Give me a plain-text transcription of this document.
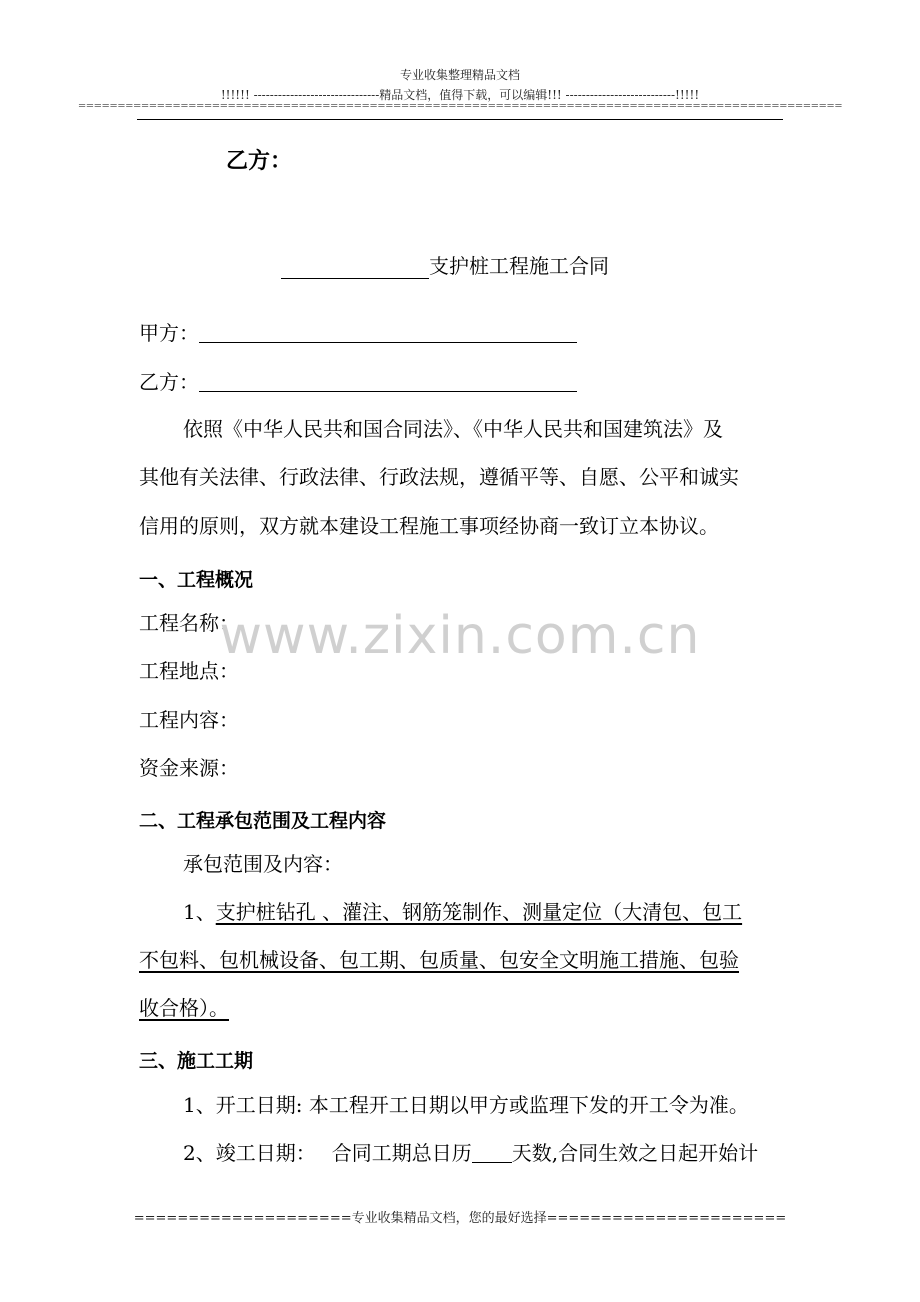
专业收集整理精品文档
!!!!!! -------------------------------精品文档，值得下载，可以编辑!!! ---------------------------!!!!!
=================================================================================================
乙方：
支护桩工程施工合同
甲方：
乙方：
依照《中华人民共和国合同法》、《中华人民共和国建筑法》及
其他有关法律、行政法律、行政法规，遵循平等、自愿、公平和诚实
信用的原则，双方就本建设工程施工事项经协商一致订立本协议。
一、工程概况
工程名称：
工程地点：
工程内容：
资金来源：
二、工程承包范围及工程内容
承包范围及内容：
1、支护桩钻孔 、灌注、钢筋笼制作、测量定位（大清包、包工
不包料、包机械设备、包工期、包质量、包安全文明施工措施、包验
收合格）。
三、施工工期
1、开工日期: 本工程开工日期以甲方或监理下发的开工令为准。
2、竣工日期： 合同工期总日历 天数,合同生效之日起开始计
www.zixin.com.cn
====================专业收集精品文档，您的最好选择======================
